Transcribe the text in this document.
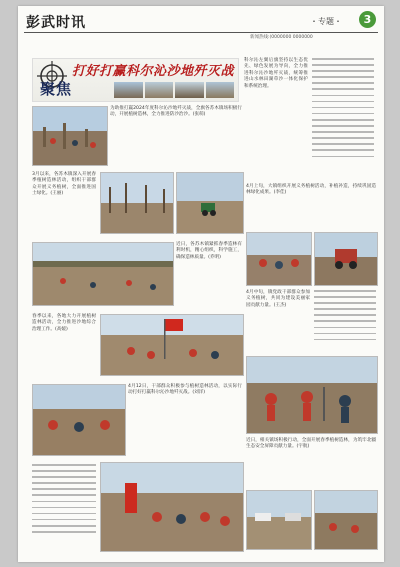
彭武时讯	・专题・	3
新闻热线:(0000000 0000000
打好打赢科尔沁沙地歼灭战
聚焦
科尔沁左翼后旗坚持以生态优先、绿色发展为导向，全力推进科尔沁沙地歼灭战，统筹推进山水林田湖草沙一体化保护和系统治理。
为助推打赢2024年度科尔沁沙地歼灭战，全旗各苏木镇场积极行动，开展植树造林，全力推进防沙治沙。(张萌)
3月以来，各苏木镇深入开展春季植树造林活动，组织干部群众开展义务植树，全面推进国土绿化。(王丽)
4月上旬，大镇组织开展义务植树活动，补植补造，持续巩固造林绿化成果。(李佳)
近日，各苏木镇紧抓春季造林有利时机，精心组织，科学施工，确保造林质量。(乔明)
4月中旬，镇党政干部群众参加义务植树，共同为建设美丽家园贡献力量。(王杰)
春季以来，各地大力开展植树造林活动，全力推进沙地综合治理工作。(高媛)
4月12日，干部群众积极参与植树造林活动，以实际行动打好打赢科尔沁沙地歼灭战。(刘洋)
近日，相关镇场积极行动，全面开展春季植树造林，为筑牢北疆生态安全屏障贡献力量。(宇航)
